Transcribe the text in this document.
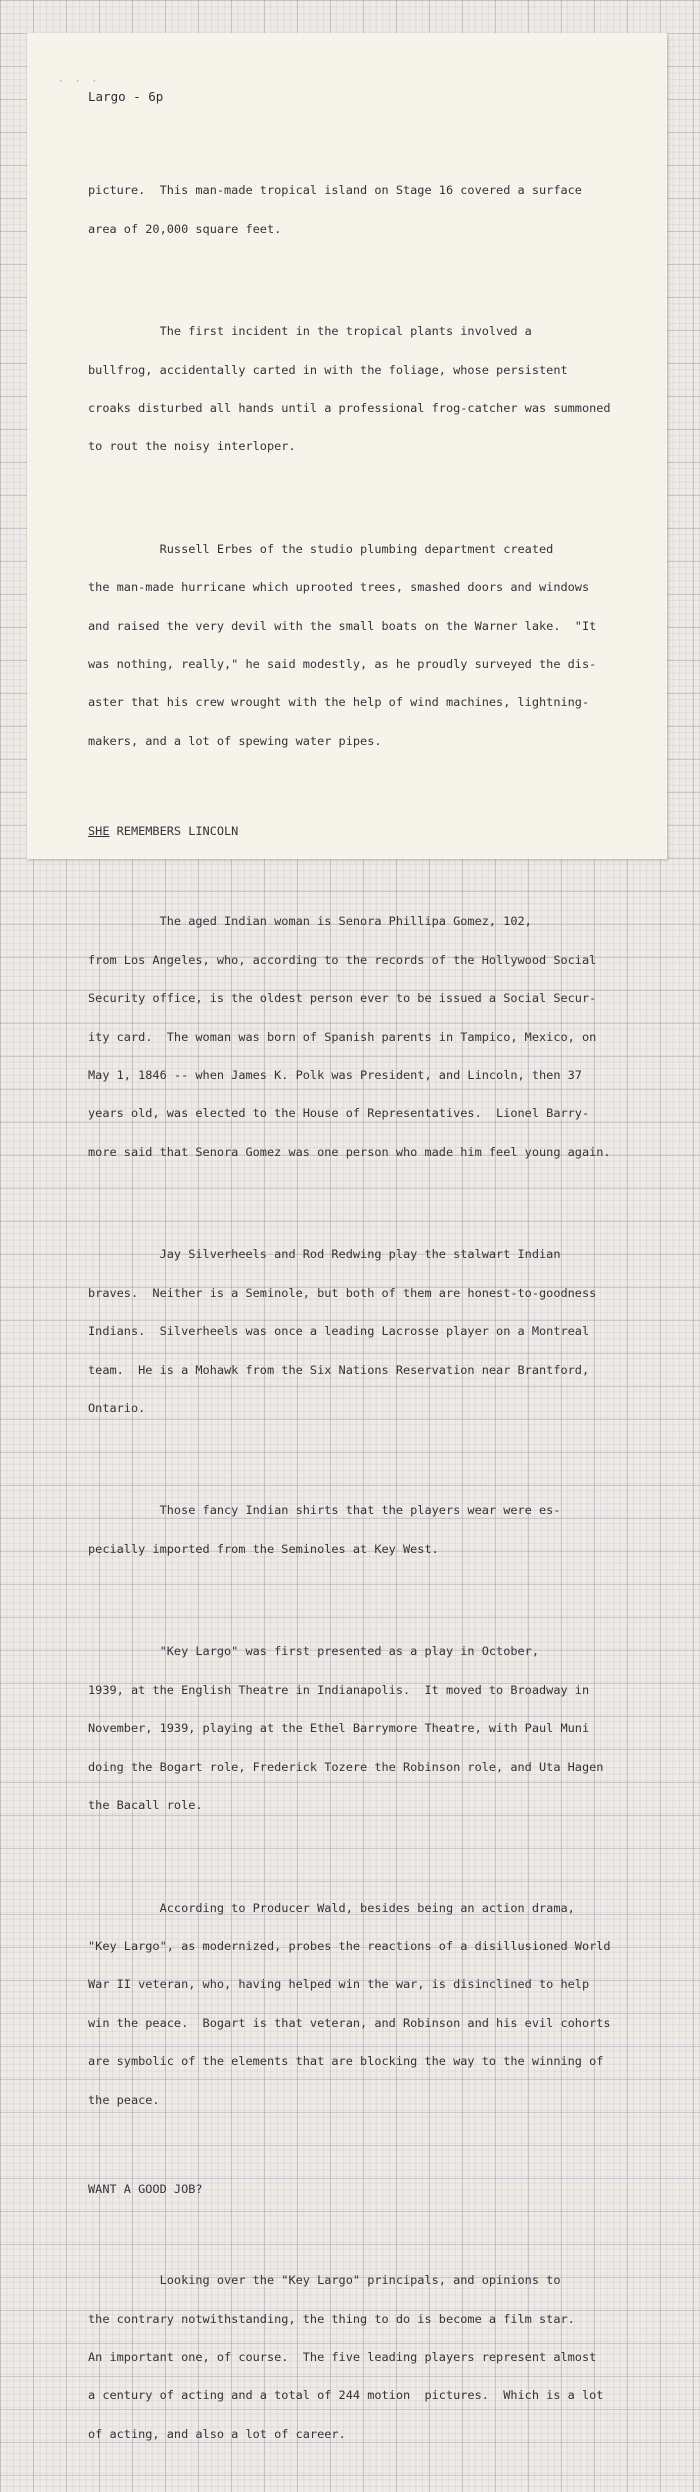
· · ·
Largo - 6p

picture.  This man-made tropical island on Stage 16 covered a surface

area of 20,000 square feet.

The first incident in the tropical plants involved a

bullfrog, accidentally carted in with the foliage, whose persistent

croaks disturbed all hands until a professional frog-catcher was summoned

to rout the noisy interloper.

Russell Erbes of the studio plumbing department created

the man-made hurricane which uprooted trees, smashed doors and windows

and raised the very devil with the small boats on the Warner lake.  "It

was nothing, really," he said modestly, as he proudly surveyed the dis-

aster that his crew wrought with the help of wind machines, lightning-

makers, and a lot of spewing water pipes.

SHE REMEMBERS LINCOLN

The aged Indian woman is Senora Phillipa Gomez, 102,

from Los Angeles, who, according to the records of the Hollywood Social

Security office, is the oldest person ever to be issued a Social Secur-

ity card.  The woman was born of Spanish parents in Tampico, Mexico, on

May 1, 1846 -- when James K. Polk was President, and Lincoln, then 37

years old, was elected to the House of Representatives.  Lionel Barry-

more said that Senora Gomez was one person who made him feel young again.

Jay Silverheels and Rod Redwing play the stalwart Indian

braves.  Neither is a Seminole, but both of them are honest-to-goodness

Indians.  Silverheels was once a leading Lacrosse player on a Montreal

team.  He is a Mohawk from the Six Nations Reservation near Brantford,

Ontario.

Those fancy Indian shirts that the players wear were es-

pecially imported from the Seminoles at Key West.

"Key Largo" was first presented as a play in October,

1939, at the English Theatre in Indianapolis.  It moved to Broadway in

November, 1939, playing at the Ethel Barrymore Theatre, with Paul Muni

doing the Bogart role, Frederick Tozere the Robinson role, and Uta Hagen

the Bacall role.

According to Producer Wald, besides being an action drama,

"Key Largo", as modernized, probes the reactions of a disillusioned World

War II veteran, who, having helped win the war, is disinclined to help

win the peace.  Bogart is that veteran, and Robinson and his evil cohorts

are symbolic of the elements that are blocking the way to the winning of

the peace.

WANT A GOOD JOB?

Looking over the "Key Largo" principals, and opinions to

the contrary notwithstanding, the thing to do is become a film star.

An important one, of course.  The five leading players represent almost

a century of acting and a total of 244 motion  pictures.  Which is a lot

of acting, and also a lot of career.
